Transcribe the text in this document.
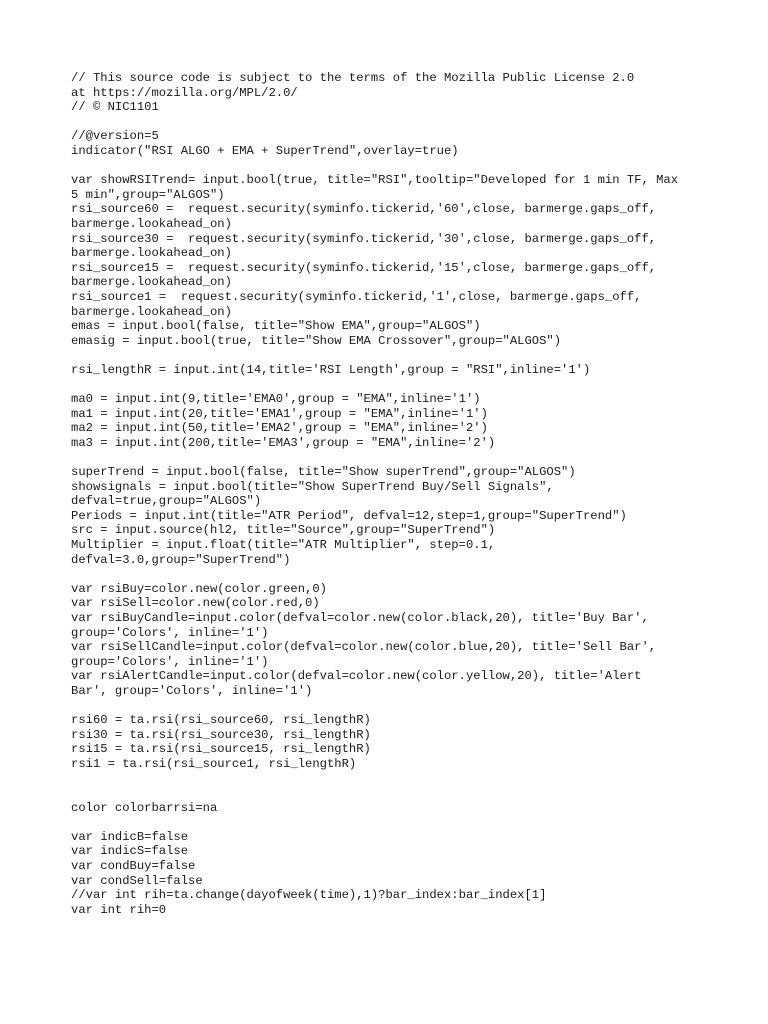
// This source code is subject to the terms of the Mozilla Public License 2.0
at https://mozilla.org/MPL/2.0/
// © NIC1101
//@version=5
indicator("RSI ALGO + EMA + SuperTrend",overlay=true)
var showRSITrend= input.bool(true, title="RSI",tooltip="Developed for 1 min TF, Max
5 min",group="ALGOS")
rsi_source60 =  request.security(syminfo.tickerid,'60',close, barmerge.gaps_off,
barmerge.lookahead_on)
rsi_source30 =  request.security(syminfo.tickerid,'30',close, barmerge.gaps_off,
barmerge.lookahead_on)
rsi_source15 =  request.security(syminfo.tickerid,'15',close, barmerge.gaps_off,
barmerge.lookahead_on)
rsi_source1 =  request.security(syminfo.tickerid,'1',close, barmerge.gaps_off,
barmerge.lookahead_on)
emas = input.bool(false, title="Show EMA",group="ALGOS")
emasig = input.bool(true, title="Show EMA Crossover",group="ALGOS")
rsi_lengthR = input.int(14,title='RSI Length',group = "RSI",inline='1')
ma0 = input.int(9,title='EMA0',group = "EMA",inline='1')
ma1 = input.int(20,title='EMA1',group = "EMA",inline='1')
ma2 = input.int(50,title='EMA2',group = "EMA",inline='2')
ma3 = input.int(200,title='EMA3',group = "EMA",inline='2')
superTrend = input.bool(false, title="Show superTrend",group="ALGOS")
showsignals = input.bool(title="Show SuperTrend Buy/Sell Signals",
defval=true,group="ALGOS")
Periods = input.int(title="ATR Period", defval=12,step=1,group="SuperTrend")
src = input.source(hl2, title="Source",group="SuperTrend")
Multiplier = input.float(title="ATR Multiplier", step=0.1,
defval=3.0,group="SuperTrend")
var rsiBuy=color.new(color.green,0)
var rsiSell=color.new(color.red,0)
var rsiBuyCandle=input.color(defval=color.new(color.black,20), title='Buy Bar',
group='Colors', inline='1')
var rsiSellCandle=input.color(defval=color.new(color.blue,20), title='Sell Bar',
group='Colors', inline='1')
var rsiAlertCandle=input.color(defval=color.new(color.yellow,20), title='Alert
Bar', group='Colors', inline='1')
rsi60 = ta.rsi(rsi_source60, rsi_lengthR)
rsi30 = ta.rsi(rsi_source30, rsi_lengthR)
rsi15 = ta.rsi(rsi_source15, rsi_lengthR)
rsi1 = ta.rsi(rsi_source1, rsi_lengthR)
color colorbarrsi=na
var indicB=false
var indicS=false
var condBuy=false
var condSell=false
//var int rih=ta.change(dayofweek(time),1)?bar_index:bar_index[1]
var int rih=0
